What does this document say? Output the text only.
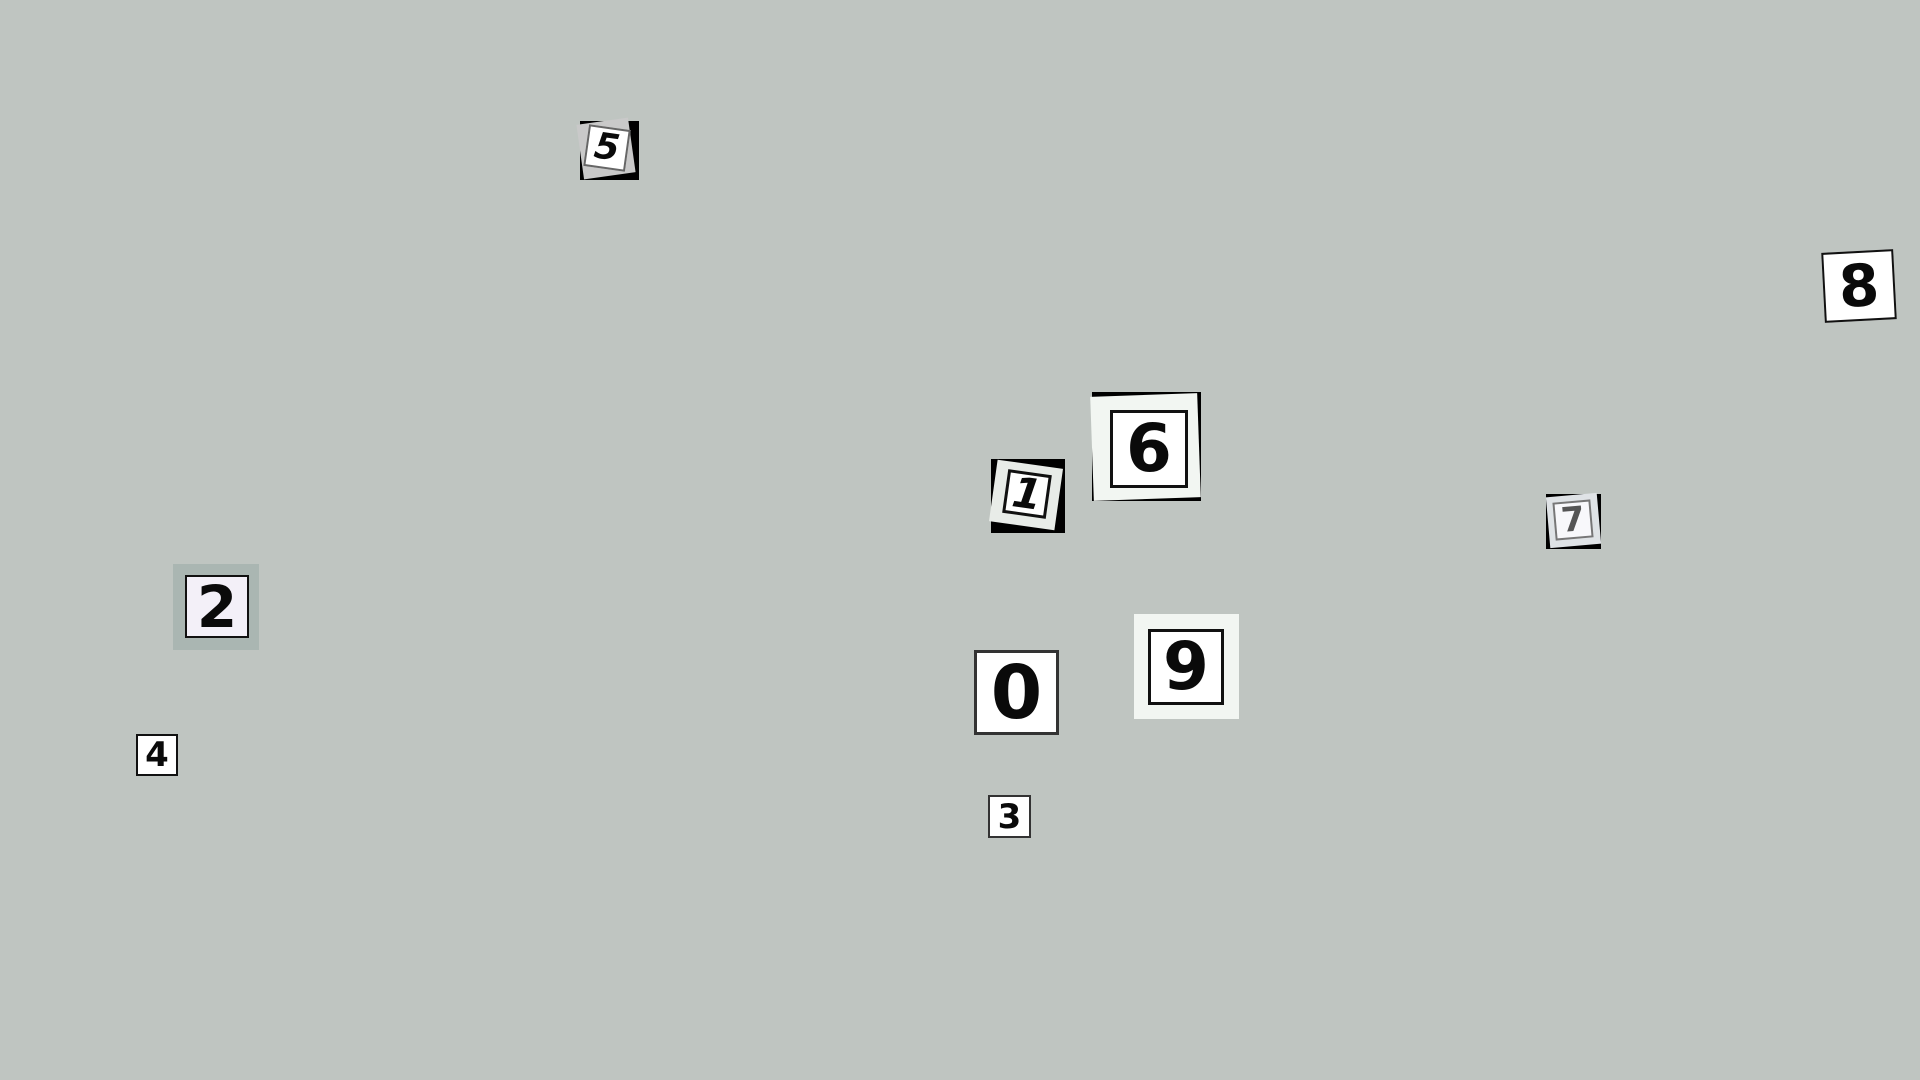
5
8
6
1
7
2
9
0
4
3
